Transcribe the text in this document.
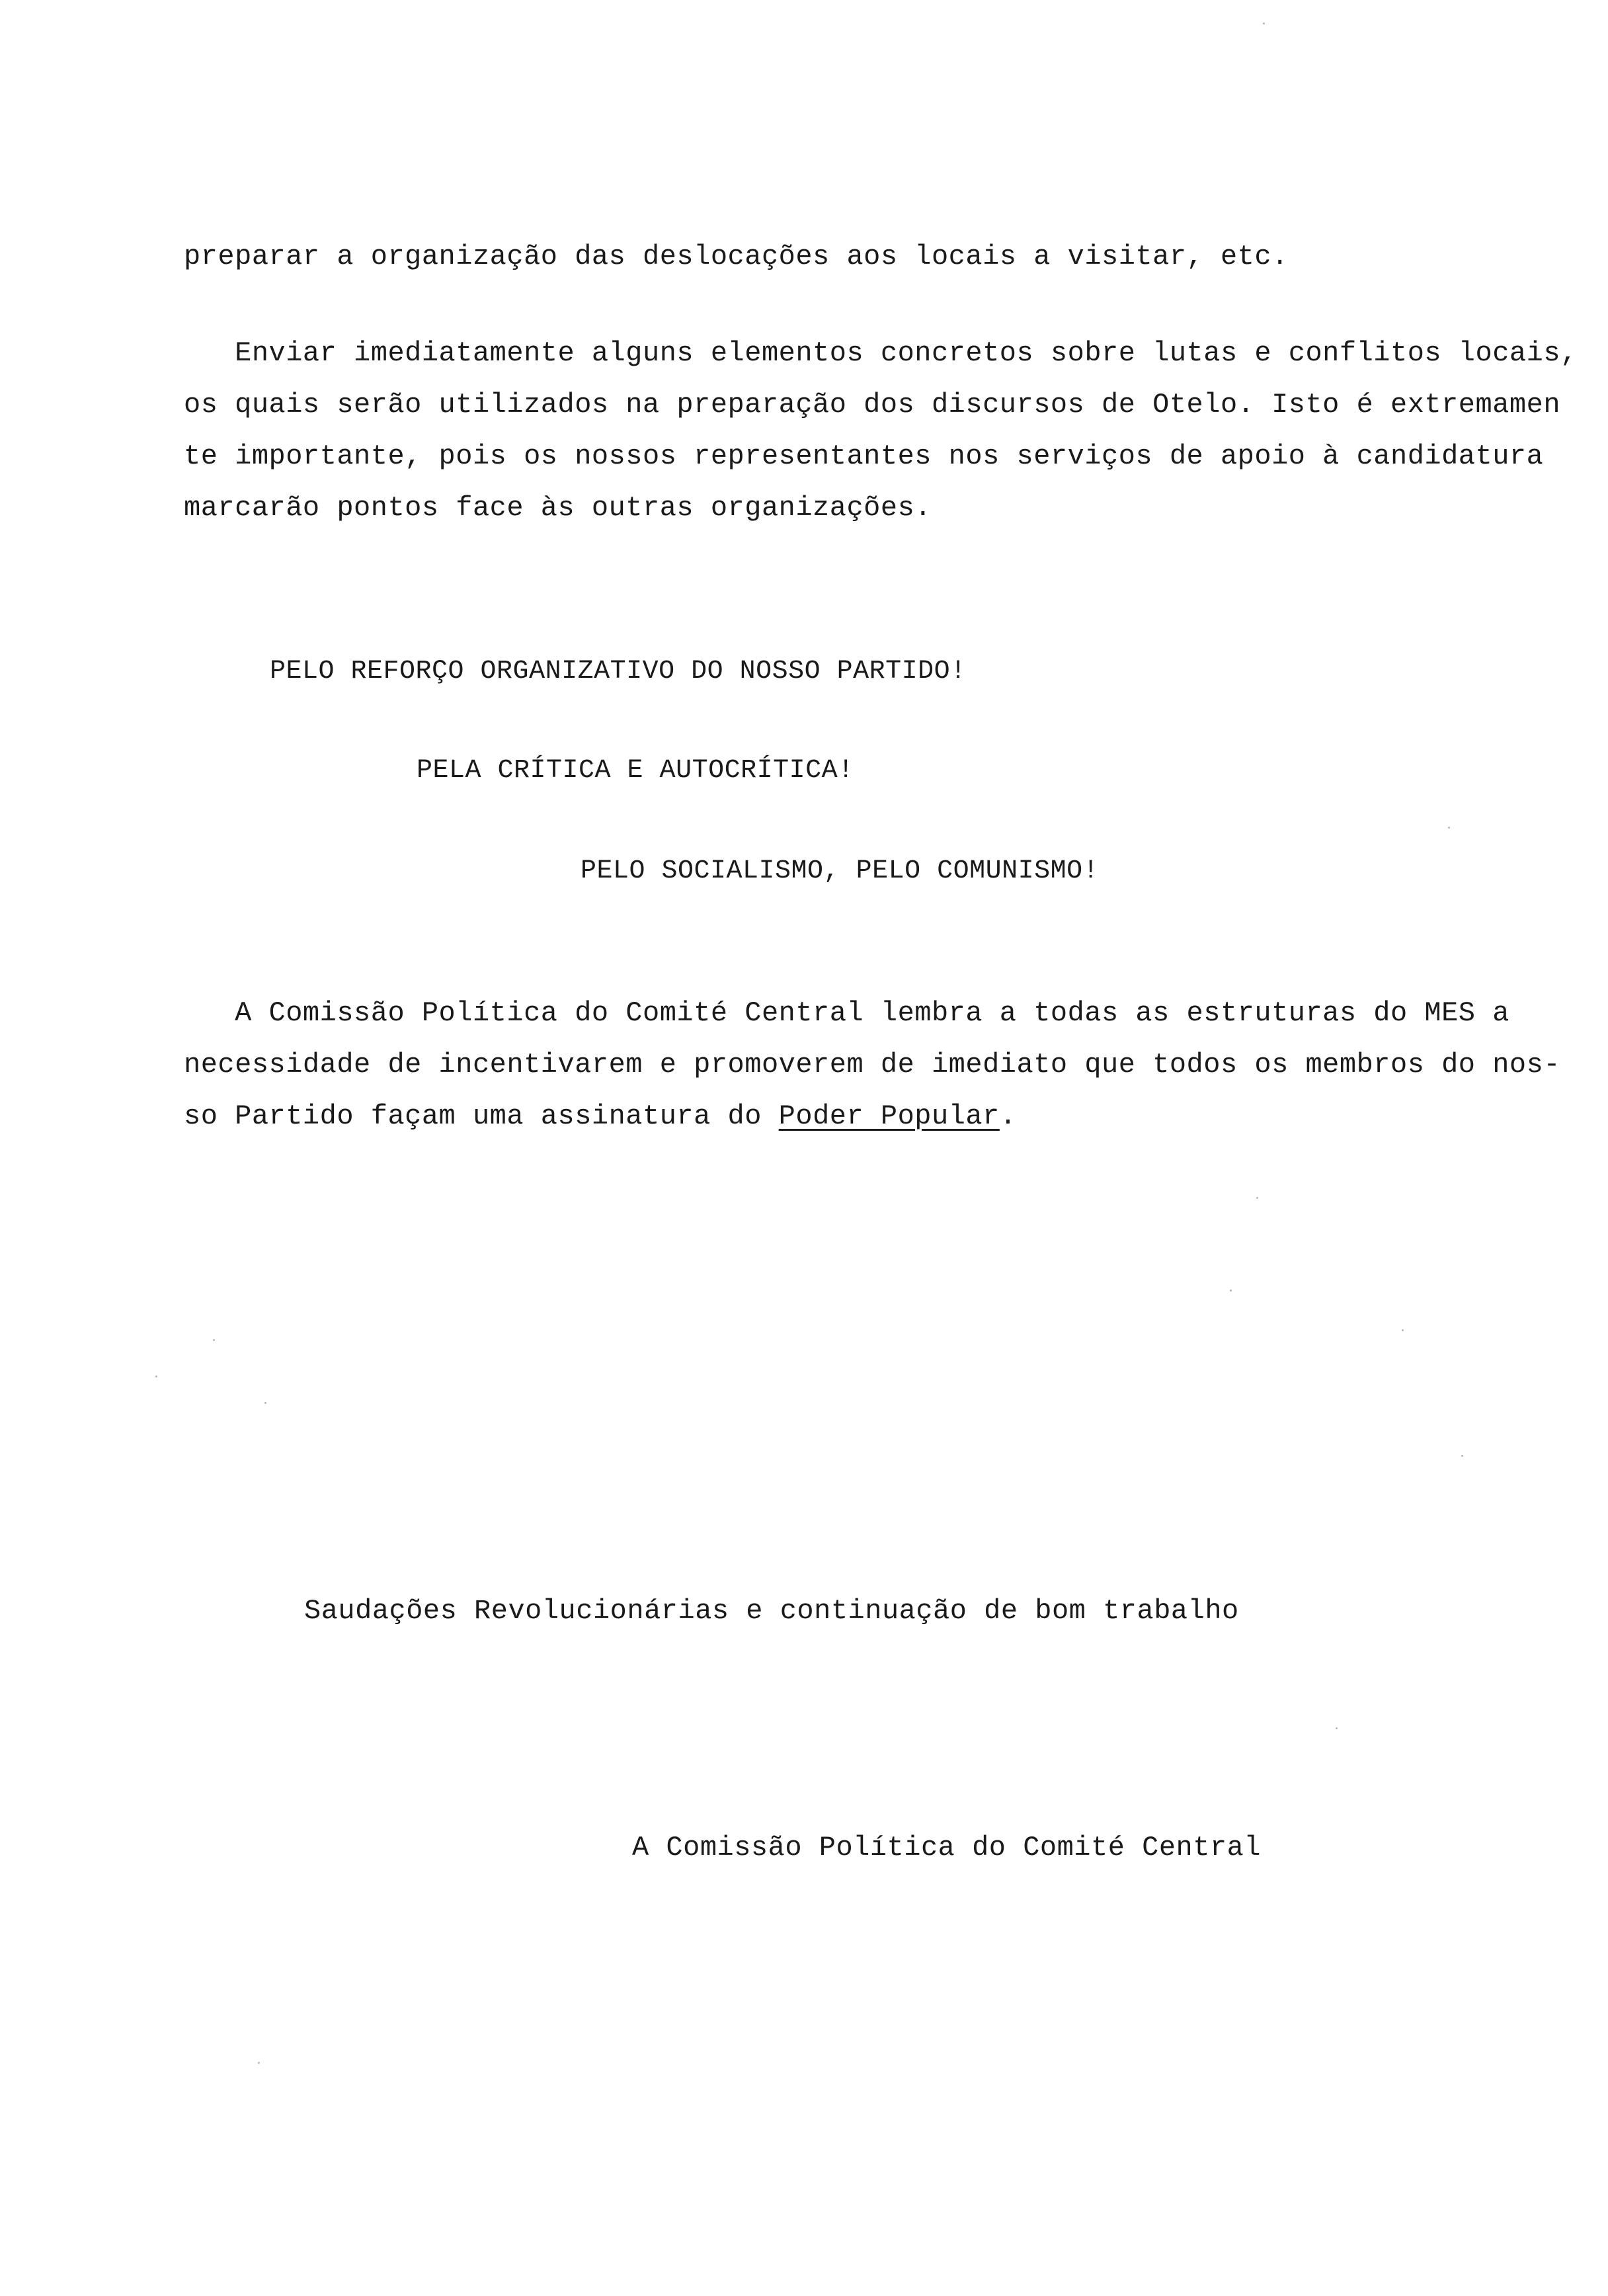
preparar a organização das deslocações aos locais a visitar, etc.
Enviar imediatamente alguns elementos concretos sobre lutas e conflitos locais,
os quais serão utilizados na preparação dos discursos de Otelo. Isto é extremamen
te importante, pois os nossos representantes nos serviços de apoio à candidatura
marcarão pontos face às outras organizações.
PELO REFORÇO ORGANIZATIVO DO NOSSO PARTIDO!
PELA CRÍTICA E AUTOCRÍTICA!
PELO SOCIALISMO, PELO COMUNISMO!
A Comissão Política do Comité Central lembra a todas as estruturas do MES a
necessidade de incentivarem e promoverem de imediato que todos os membros do nos-
so Partido façam uma assinatura do Poder Popular.
Saudações Revolucionárias e continuação de bom trabalho
A Comissão Política do Comité Central
